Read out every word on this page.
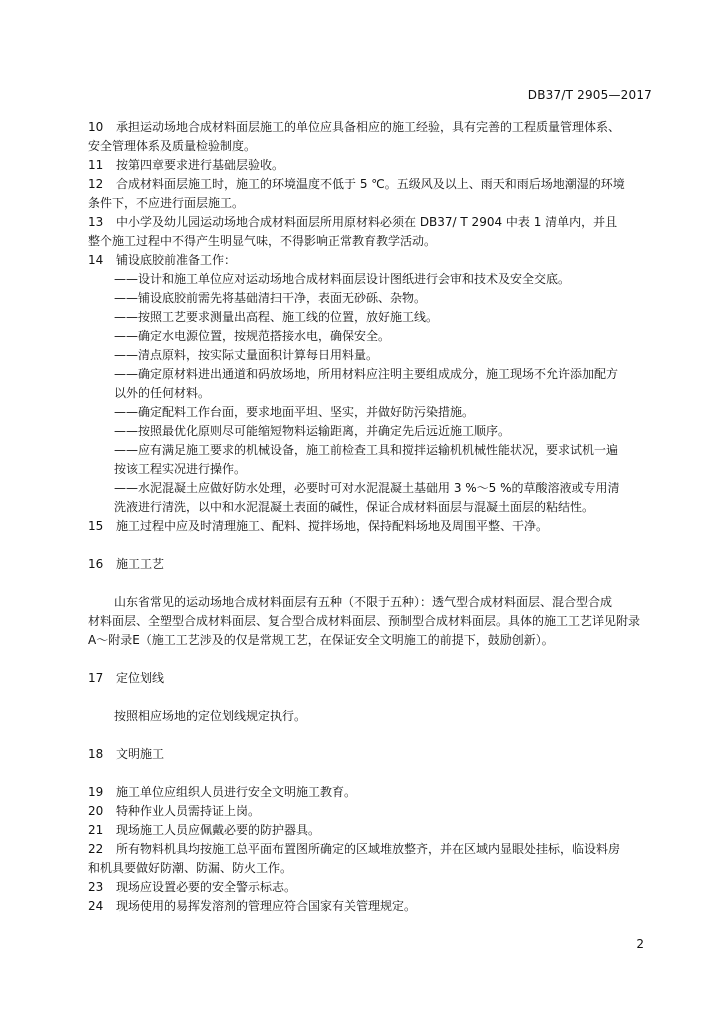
DB37/T 2905—2017

10 承担运动场地合成材料面层施工的单位应具备相应的施工经验，具有完善的工程质量管理体系、

安全管理体系及质量检验制度。

11 按第四章要求进行基础层验收。

12 合成材料面层施工时，施工的环境温度不低于 5 ℃。五级风及以上、雨天和雨后场地潮湿的环境

条件下，不应进行面层施工。

13 中小学及幼儿园运动场地合成材料面层所用原材料必须在 DB37/ T 2904 中表 1 清单内，并且

整个施工过程中不得产生明显气味，不得影响正常教育教学活动。

14 铺设底胶前准备工作：

——设计和施工单位应对运动场地合成材料面层设计图纸进行会审和技术及安全交底。

——铺设底胶前需先将基础清扫干净，表面无砂砾、杂物。

——按照工艺要求测量出高程、施工线的位置，放好施工线。

——确定水电源位置，按规范搭接水电，确保安全。

——清点原料，按实际丈量面积计算每日用料量。

——确定原材料进出通道和码放场地，所用材料应注明主要组成成分，施工现场不允许添加配方

以外的任何材料。

——确定配料工作台面，要求地面平坦、坚实，并做好防污染措施。

——按照最优化原则尽可能缩短物料运输距离，并确定先后远近施工顺序。

——应有满足施工要求的机械设备，施工前检查工具和搅拌运输机机械性能状况，要求试机一遍

按该工程实况进行操作。

——水泥混凝土应做好防水处理，必要时可对水泥混凝土基础用 3 %～5 %的草酸溶液或专用清

洗液进行清洗，以中和水泥混凝土表面的碱性，保证合成材料面层与混凝土面层的粘结性。

15 施工过程中应及时清理施工、配料、搅拌场地，保持配料场地及周围平整、干净。

16 施工工艺

山东省常见的运动场地合成材料面层有五种（不限于五种）：透气型合成材料面层、混合型合成

材料面层、全塑型合成材料面层、复合型合成材料面层、预制型合成材料面层。具体的施工工艺详见附录

A～附录E（施工工艺涉及的仅是常规工艺，在保证安全文明施工的前提下，鼓励创新）。

17 定位划线

按照相应场地的定位划线规定执行。

18 文明施工

19 施工单位应组织人员进行安全文明施工教育。

20 特种作业人员需持证上岗。

21 现场施工人员应佩戴必要的防护器具。

22 所有物料机具均按施工总平面布置图所确定的区域堆放整齐，并在区域内显眼处挂标，临设料房

和机具要做好防潮、防漏、防火工作。

23 现场应设置必要的安全警示标志。

24 现场使用的易挥发溶剂的管理应符合国家有关管理规定。

2
